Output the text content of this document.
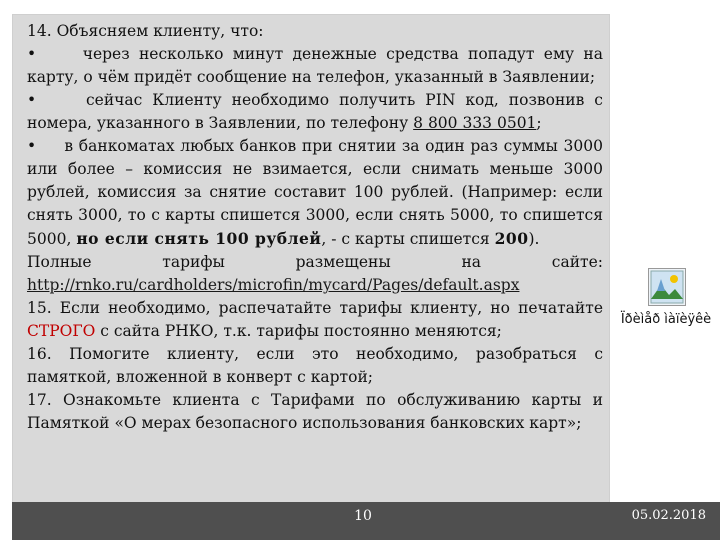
14. Объясняем клиенту, что:

•	через несколько минут денежные средства попадут ему на карту, о чём придёт сообщение на телефон, указанный в Заявлении;

•	сейчас Клиенту необходимо получить PIN код, позвонив с номера, указанного в Заявлении, по телефону 8 800 333 0501;

• в банкоматах любых банков при снятии за один раз суммы 3000 или более – комиссия не взимается, если снимать меньше 3000 рублей, комиссия за снятие составит 100 рублей. (Например: если снять 3000, то с карты спишется 3000, если снять 5000, то спишется 5000, но если снять 100 рублей, - с карты спишется 200).

Полные тарифы размещены на сайте:

http://rnko.ru/cardholders/microfin/mycard/Pages/default.aspx

15. Если необходимо, распечатайте тарифы клиенту, но печатайте СТРОГО с сайта РНКО, т.к. тарифы постоянно меняются;

16. Помогите клиенту, если это необходимо, разобраться с памяткой, вложенной в конверт с картой;

17. Ознакомьте клиента с Тарифами по обслуживанию карты и Памяткой «О мерах безопасного использования банковских карт»;

Ïðèìåð ìàïèÿêè
10	05.02.2018
